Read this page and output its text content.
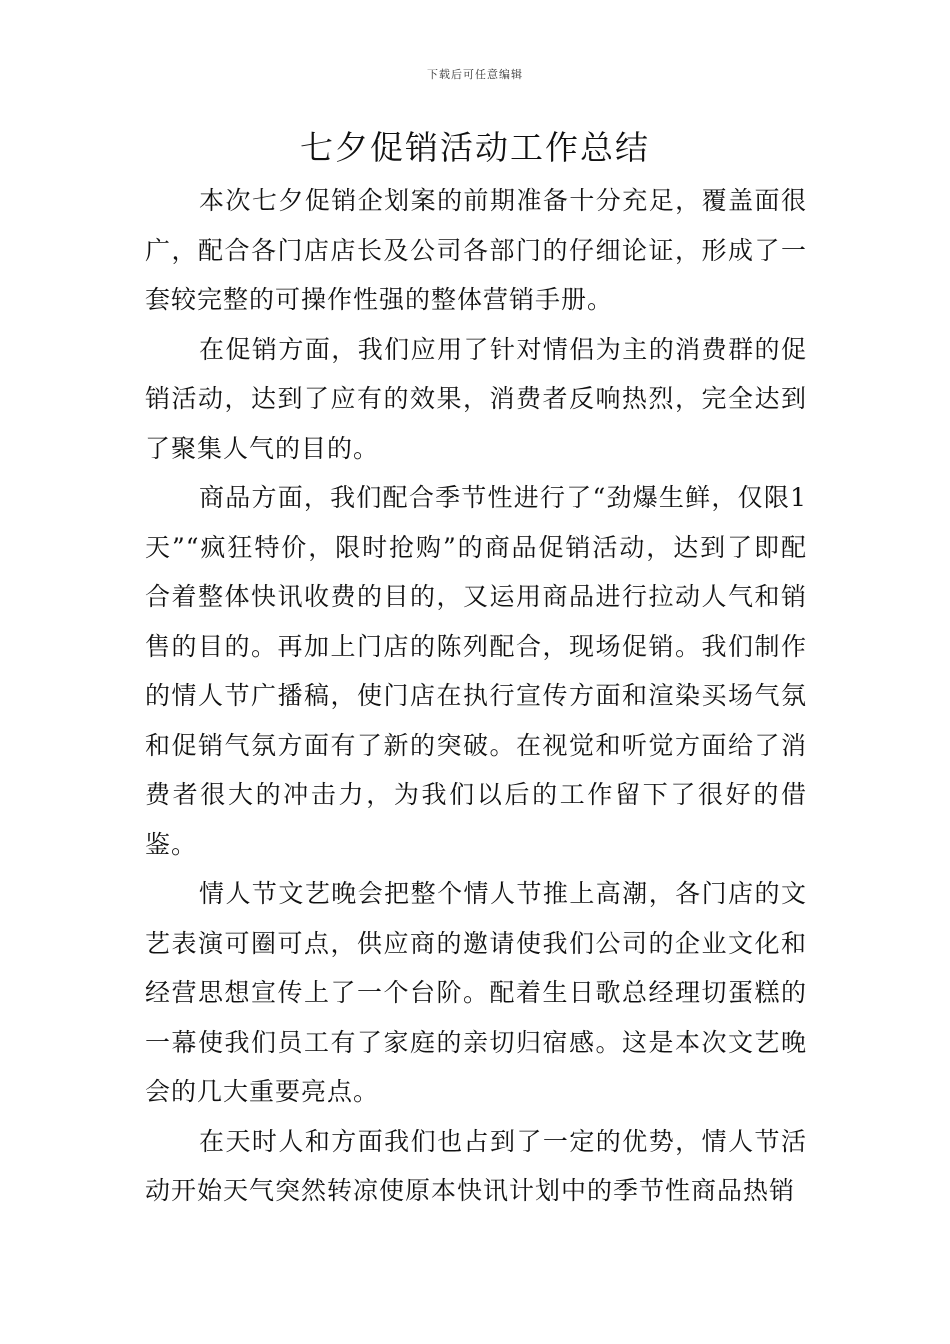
下载后可任意编辑
七夕促销活动工作总结

本次七夕促销企划案的前期准备十分充足，覆盖面很广，配合各门店店长及公司各部门的仔细论证，形成了一套较完整的可操作性强的整体营销手册。

在促销方面，我们应用了针对情侣为主的消费群的促销活动，达到了应有的效果，消费者反响热烈，完全达到了聚集人气的目的。

商品方面，我们配合季节性进行了“劲爆生鲜，仅限1天”“疯狂特价，限时抢购”的商品促销活动，达到了即配合着整体快讯收费的目的，又运用商品进行拉动人气和销售的目的。再加上门店的陈列配合，现场促销。我们制作的情人节广播稿，使门店在执行宣传方面和渲染买场气氛和促销气氛方面有了新的突破。在视觉和听觉方面给了消费者很大的冲击力，为我们以后的工作留下了很好的借鉴。

情人节文艺晚会把整个情人节推上高潮，各门店的文艺表演可圈可点，供应商的邀请使我们公司的企业文化和经营思想宣传上了一个台阶。配着生日歌总经理切蛋糕的一幕使我们员工有了家庭的亲切归宿感。这是本次文艺晚会的几大重要亮点。

在天时人和方面我们也占到了一定的优势，情人节活动开始天气突然转凉使原本快讯计划中的季节性商品热销
